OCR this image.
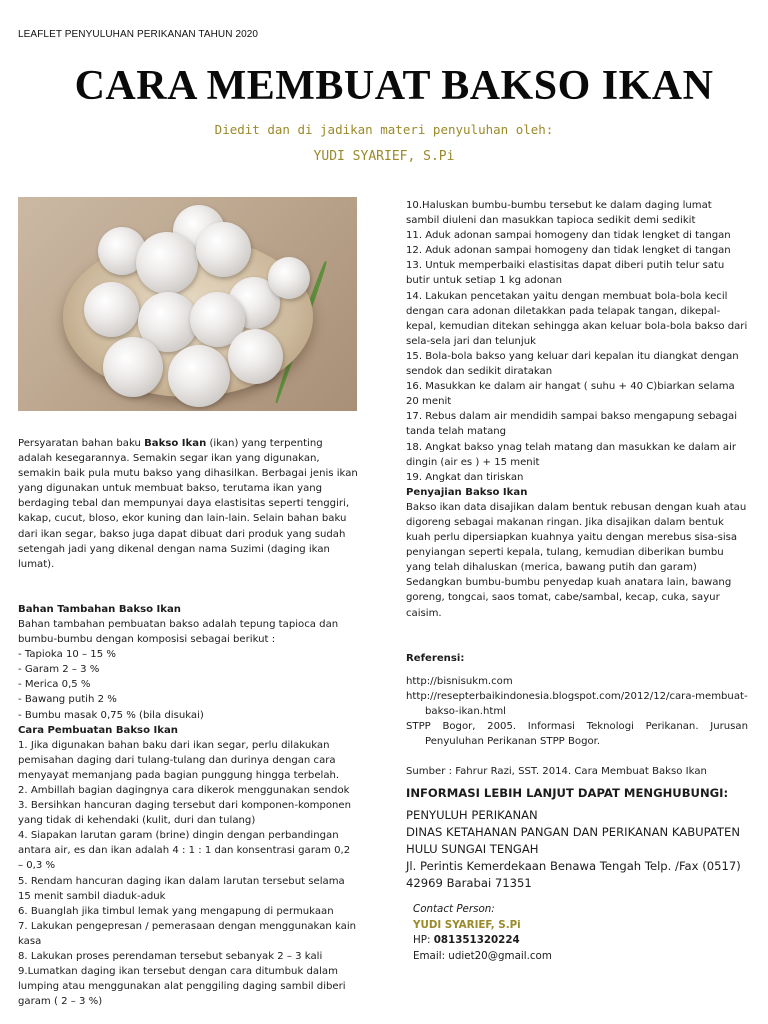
LEAFLET PENYULUHAN PERIKANAN TAHUN 2020
CARA MEMBUAT BAKSO IKAN
Diedit dan di jadikan materi penyuluhan oleh:
YUDI SYARIEF, S.Pi

Persyaratan bahan baku Bakso Ikan (ikan) yang terpenting adalah kesegarannya. Semakin segar ikan yang digunakan, semakin baik pula mutu bakso yang dihasilkan. Berbagai jenis ikan yang digunakan untuk membuat bakso, terutama ikan yang berdaging tebal dan mempunyai daya elastisitas seperti tenggiri, kakap, cucut, bloso, ekor kuning dan lain-lain. Selain bahan baku dari ikan segar, bakso juga dapat dibuat dari produk yang sudah setengah jadi yang dikenal dengan nama Suzimi (daging ikan lumat).

Bahan Tambahan Bakso Ikan

Bahan tambahan pembuatan bakso adalah tepung tapioca dan bumbu-bumbu dengan komposisi sebagai berikut :

- Tapioka 10 – 15 %

- Garam 2 – 3 %

- Merica 0,5 %

- Bawang putih 2 %

- Bumbu masak 0,75 % (bila disukai)

Cara Pembuatan Bakso Ikan

1. Jika digunakan bahan baku dari ikan segar, perlu dilakukan pemisahan daging dari tulang-tulang dan durinya dengan cara menyayat memanjang pada bagian punggung hingga terbelah.

2. Ambillah bagian dagingnya cara dikerok menggunakan sendok

3. Bersihkan hancuran daging tersebut dari komponen-komponen yang tidak di kehendaki (kulit, duri dan tulang)

4. Siapakan larutan garam (brine) dingin dengan perbandingan antara air, es dan ikan adalah 4 : 1 : 1 dan konsentrasi garam 0,2 – 0,3 %

5. Rendam hancuran daging ikan dalam larutan tersebut selama 15 menit sambil diaduk-aduk

6. Buanglah jika timbul lemak yang mengapung di permukaan

7. Lakukan pengepresan / pemerasaan dengan menggunakan kain kasa

8. Lakukan proses perendaman tersebut sebanyak 2 – 3 kali

9.Lumatkan daging ikan tersebut dengan cara ditumbuk dalam lumping atau menggunakan alat penggiling daging sambil diberi garam ( 2 – 3 %)

10.Haluskan bumbu-bumbu tersebut ke dalam daging lumat sambil diuleni dan masukkan tapioca sedikit demi sedikit

11. Aduk adonan sampai homogeny dan tidak lengket di tangan

12. Aduk adonan sampai homogeny dan tidak lengket di tangan

13. Untuk memperbaiki elastisitas dapat diberi putih telur satu butir untuk setiap 1 kg adonan

14. Lakukan pencetakan yaitu dengan membuat bola-bola kecil dengan cara adonan diletakkan pada telapak tangan, dikepal-kepal, kemudian ditekan sehingga akan keluar bola-bola bakso dari sela-sela jari dan telunjuk

15. Bola-bola bakso yang keluar dari kepalan itu diangkat dengan sendok dan sedikit diratakan

16. Masukkan ke dalam air hangat ( suhu + 40 C)biarkan selama 20 menit

17. Rebus dalam air mendidih sampai bakso mengapung sebagai tanda telah matang

18. Angkat bakso ynag telah matang dan masukkan ke dalam air dingin (air es ) + 15 menit

19. Angkat dan tiriskan

Penyajian Bakso Ikan

Bakso ikan data disajikan dalam bentuk rebusan dengan kuah atau digoreng sebagai makanan ringan. Jika disajikan dalam bentuk kuah perlu dipersiapkan kuahnya yaitu dengan merebus sisa-sisa penyiangan seperti kepala, tulang, kemudian diberikan bumbu yang telah dihaluskan (merica, bawang putih dan garam) Sedangkan bumbu-bumbu penyedap kuah anatara lain, bawang goreng, tongcai, saos tomat, cabe/sambal, kecap, cuka, sayur caisim.

Referensi:

http://bisnisukm.com

http://resepterbaikindonesia.blogspot.com/2012/12/cara-membuat-bakso-ikan.html

STPP Bogor, 2005. Informasi Teknologi Perikanan. Jurusan Penyuluhan Perikanan STPP Bogor.

Sumber : Fahrur Razi, SST. 2014. Cara Membuat Bakso Ikan

INFORMASI LEBIH LANJUT DAPAT MENGHUBUNGI:

PENYULUH PERIKANAN

DINAS KETAHANAN PANGAN DAN PERIKANAN KABUPATEN HULU SUNGAI TENGAH

Jl. Perintis Kemerdekaan Benawa Tengah Telp. /Fax (0517) 42969 Barabai 71351

Contact Person:

YUDI SYARIEF, S.Pi

HP: 081351320224

Email: udiet20@gmail.com
